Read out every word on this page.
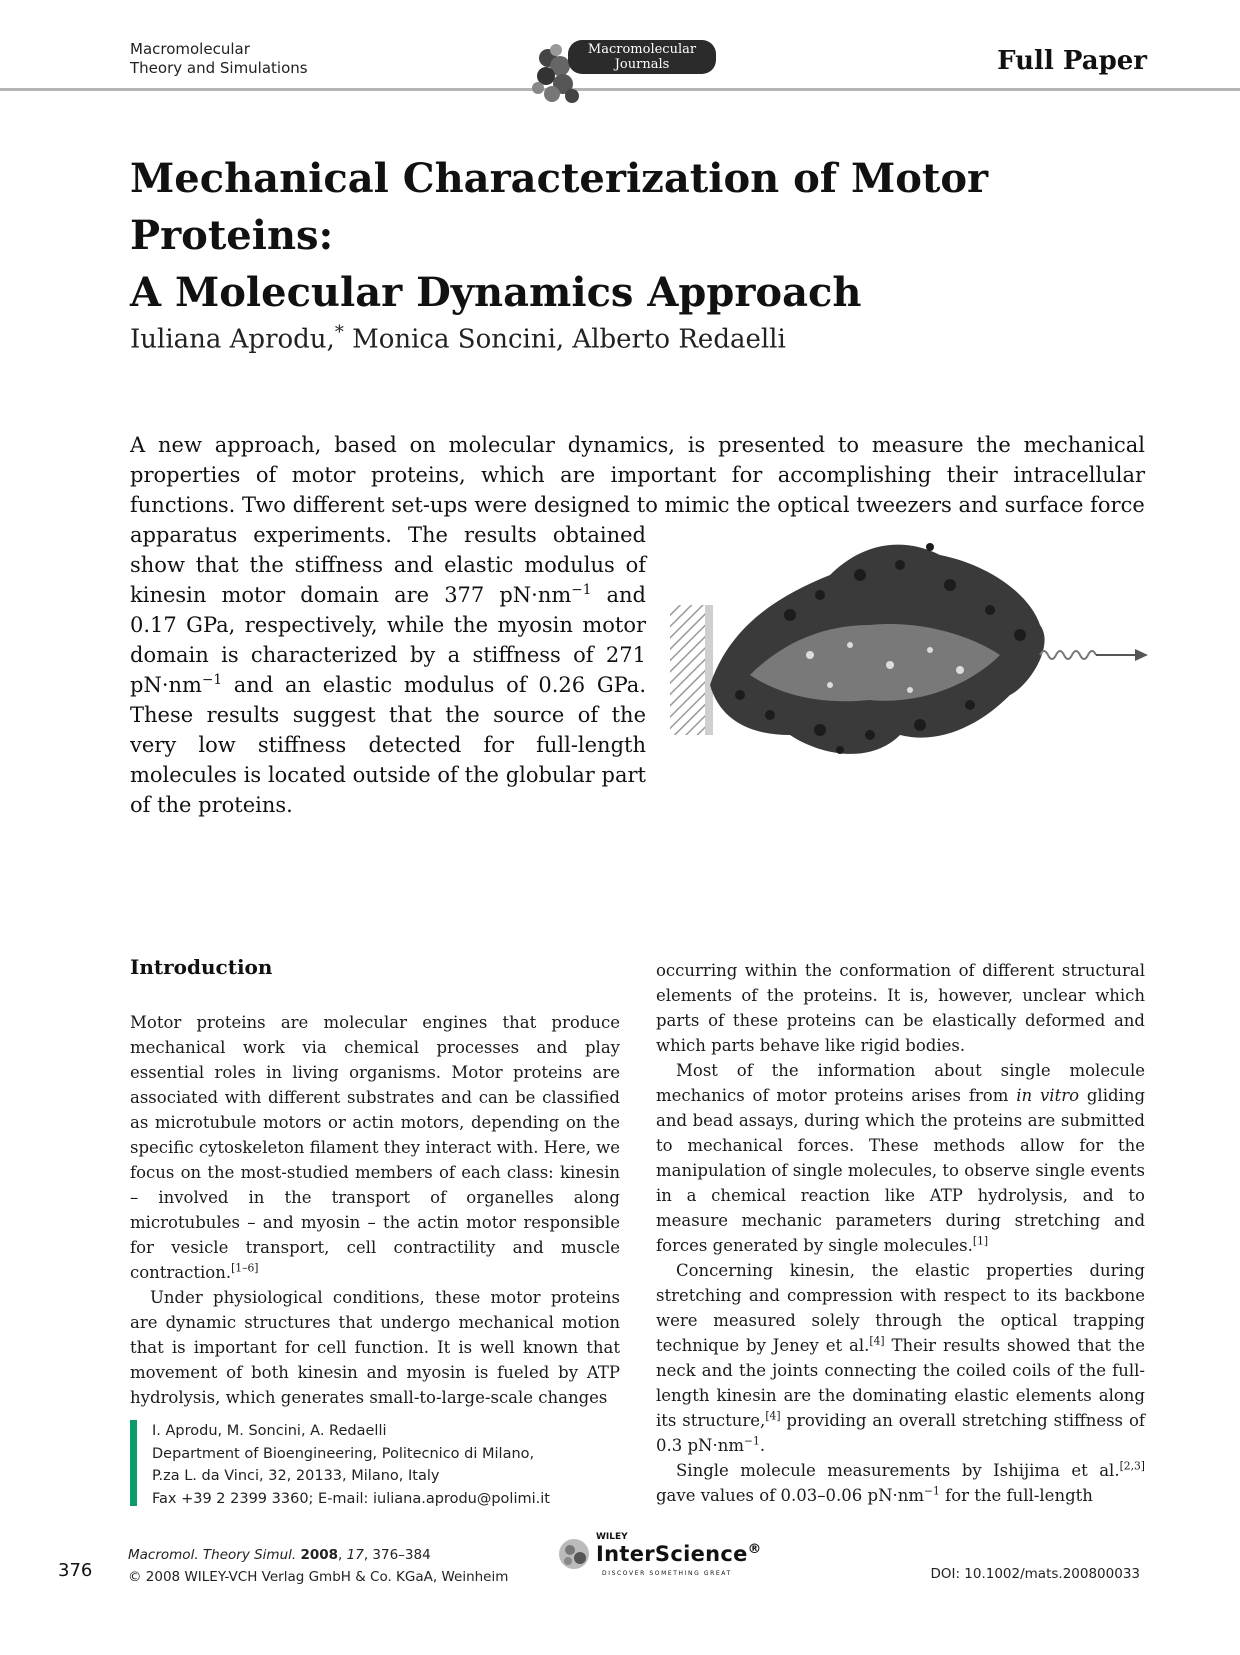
Macromolecular
Theory and Simulations
Macromolecular
Journals	Full Paper
Mechanical Characterization of Motor Proteins:
A Molecular Dynamics Approach
Iuliana Aprodu,* Monica Soncini, Alberto Redaelli
A new approach, based on molecular dynamics, is presented to measure the mechanical properties of motor proteins, which are important for accomplishing their intracellular functions. Two different set-ups were designed to mimic the optical tweezers and surface force
apparatus experiments. The results obtained show that the stiffness and elastic modulus of kinesin motor domain are 377 $pN\cdot nm^{-1}$ and 0.17 GPa, respectively, while the myosin motor domain is characterized by a stiffness of 271 $pN\cdot nm^{-1}$ and an elastic modulus of 0.26 GPa. These results suggest that the source of the very low stiffness detected for full-length molecules is located outside of the globular part of the proteins.
Introduction

Motor proteins are molecular engines that produce mechanical work via chemical processes and play essential roles in living organisms. Motor proteins are associated with different substrates and can be classified as microtubule motors or actin motors, depending on the specific cytoskeleton filament they interact with. Here, we focus on the most-studied members of each class: kinesin – involved in the transport of organelles along microtubules – and myosin – the actin motor responsible for vesicle transport, cell contractility and muscle contraction.[1–6]

Under physiological conditions, these motor proteins are dynamic structures that undergo mechanical motion that is important for cell function. It is well known that movement of both kinesin and myosin is fueled by ATP hydrolysis, which generates small-to-large-scale changes

occurring within the conformation of different structural elements of the proteins. It is, however, unclear which parts of these proteins can be elastically deformed and which parts behave like rigid bodies.

Most of the information about single molecule mechanics of motor proteins arises from in vitro gliding and bead assays, during which the proteins are submitted to mechanical forces. These methods allow for the manipulation of single molecules, to observe single events in a chemical reaction like ATP hydrolysis, and to measure mechanic parameters during stretching and forces generated by single molecules.[1]

Concerning kinesin, the elastic properties during stretching and compression with respect to its backbone were measured solely through the optical trapping technique by Jeney et al.[4] Their results showed that the neck and the joints connecting the coiled coils of the full-length kinesin are the dominating elastic elements along its structure,[4] providing an overall stretching stiffness of 0.3 $pN\cdot nm^{-1}$.

Single molecule measurements by Ishijima et al.[2,3] gave values of 0.03–0.06 $pN\cdot nm^{-1}$ for the full-length

I. Aprodu, M. Soncini, A. Redaelli
Department of Bioengineering, Politecnico di Milano,
P.za L. da Vinci, 32, 20133, Milano, Italy
Fax +39 2 2399 3360; E-mail: iuliana.aprodu@polimi.it
376
Macromol. Theory Simul. 2008, 17, 376–384
© 2008 WILEY-VCH Verlag GmbH & Co. KGaA, Weinheim
WILEY
InterScience®
DISCOVER SOMETHING GREAT	DOI: 10.1002/mats.200800033
